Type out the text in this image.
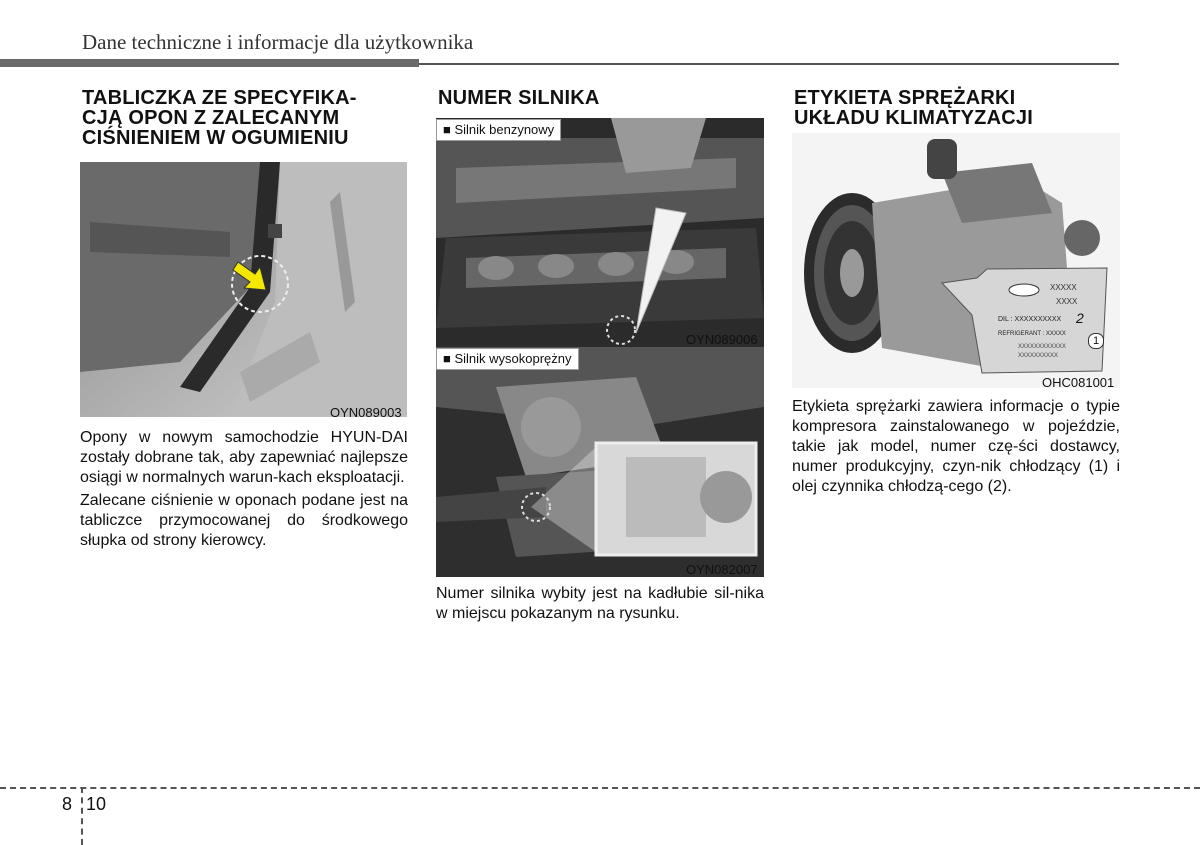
Dane techniczne i informacje dla użytkownika
TABLICZKA ZE SPECYFIKA-
CJĄ OPON Z ZALECANYM
CIŚNIENIEM W OGUMIENIU
OYN089003

Opony w nowym samochodzie HYUN-DAI zostały dobrane tak, aby zapewniać najlepsze osiągi w normalnych warun-kach eksploatacji.

Zalecane ciśnienie w oponach podane jest na tabliczce przymocowanej do środkowego słupka od strony kierowcy.

NUMER SILNIKA
■ Silnik benzynowy
OYN089006
■ Silnik wysokoprężny
OYN082007

Numer silnika wybity jest na kadłubie sil-nika w miejscu pokazanym na rysunku.

ETYKIETA SPRĘŻARKI
UKŁADU KLIMATYZACJI
XXXXX
XXXX
DIL : XXXXXXXXXX
REFRIGERANT : XXXXX
XXXXXXXXXXXX
XXXXXXXXXX
2
1
OHC081001

Etykieta sprężarki zawiera informacje o typie kompresora zainstalowanego w pojeździe, takie jak model, numer czę-ści dostawcy, numer produkcyjny, czyn-nik chłodzący (1) i olej czynnika chłodzą-cego (2).

8 10
